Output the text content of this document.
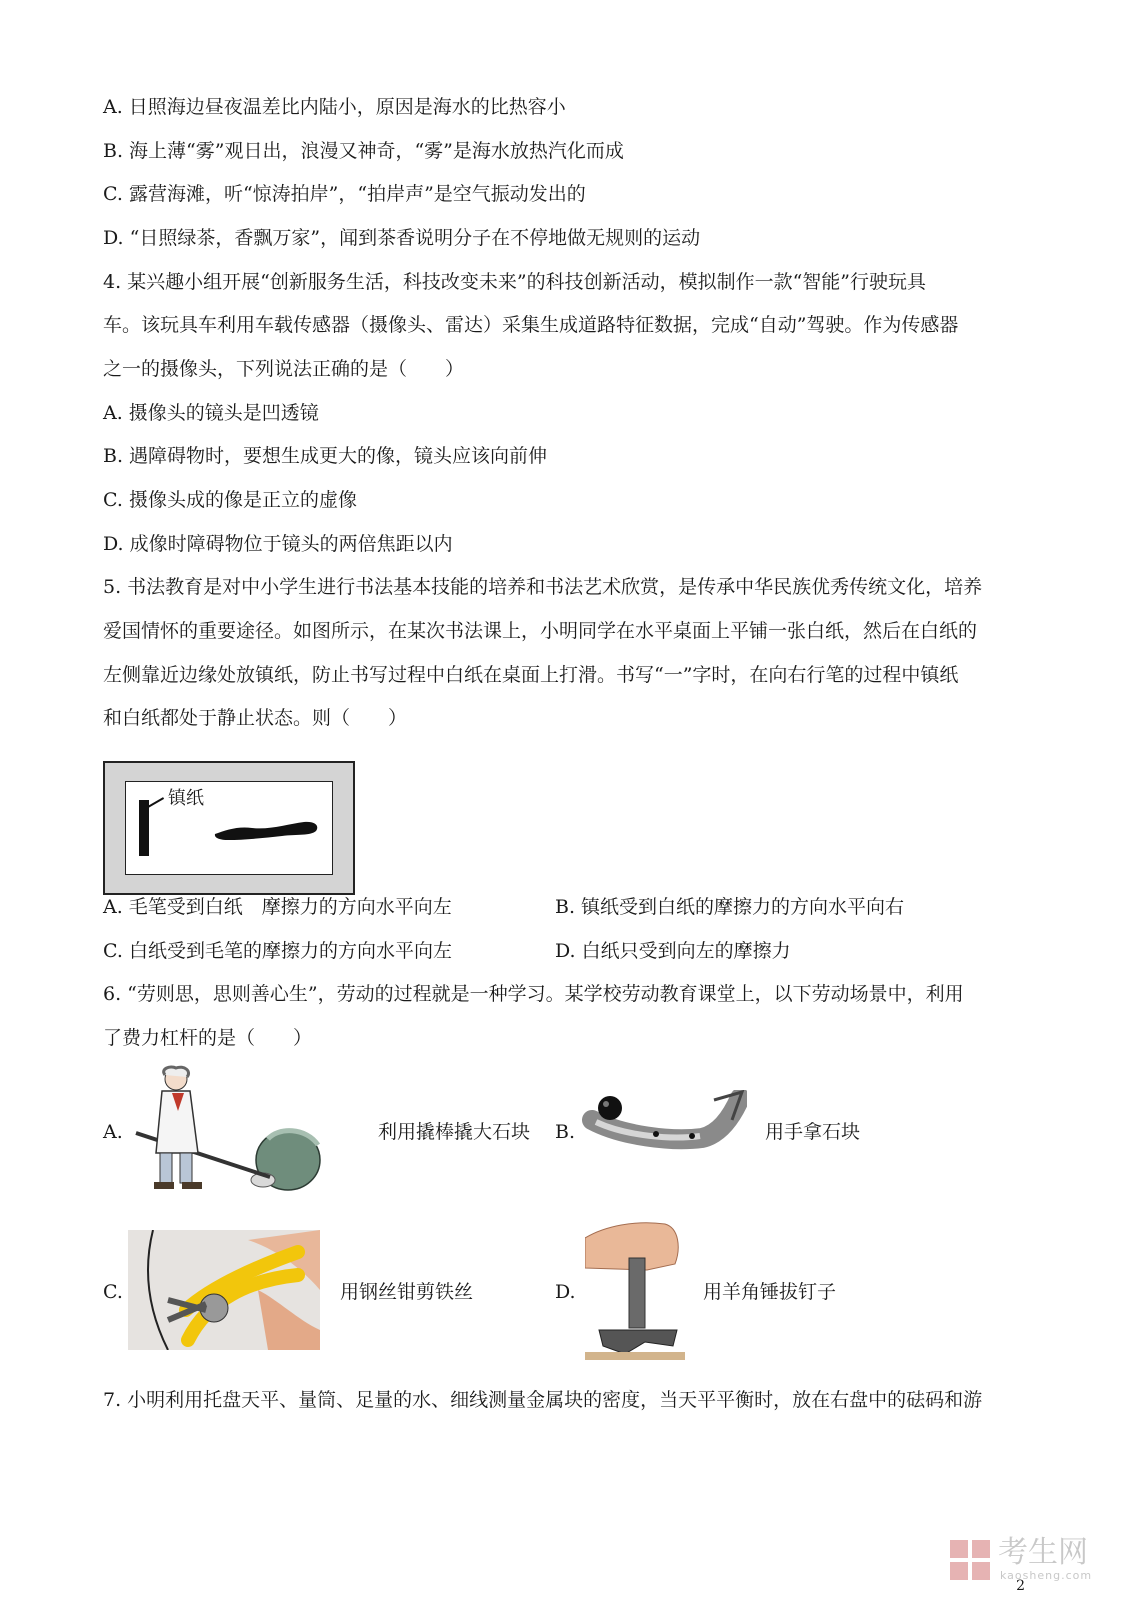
A. 日照海边昼夜温差比内陆小，原因是海水的比热容小
B. 海上薄“雾”观日出，浪漫又神奇，“雾”是海水放热汽化而成
C. 露营海滩，听“惊涛拍岸”，“拍岸声”是空气振动发出的
D. “日照绿茶，香飘万家”，闻到茶香说明分子在不停地做无规则的运动
4. 某兴趣小组开展“创新服务生活，科技改变未来”的科技创新活动，模拟制作一款“智能”行驶玩具
车。该玩具车利用车载传感器（摄像头、雷达）采集生成道路特征数据，完成“自动”驾驶。作为传感器
之一的摄像头，下列说法正确的是（　　）
A. 摄像头的镜头是凹透镜
B. 遇障碍物时，要想生成更大的像，镜头应该向前伸
C. 摄像头成的像是正立的虚像
D. 成像时障碍物位于镜头的两倍焦距以内
5. 书法教育是对中小学生进行书法基本技能的培养和书法艺术欣赏，是传承中华民族优秀传统文化，培养
爱国情怀的重要途径。如图所示，在某次书法课上，小明同学在水平桌面上平铺一张白纸，然后在白纸的
左侧靠近边缘处放镇纸，防止书写过程中白纸在桌面上打滑。书写“一”字时，在向右行笔的过程中镇纸
和白纸都处于静止状态。则（　　）
镇纸
A. 毛笔受到白纸　摩擦力的方向水平向左	B. 镇纸受到白纸的摩擦力的方向水平向右
C. 白纸受到毛笔的摩擦力的方向水平向左	D. 白纸只受到向左的摩擦力
6. “劳则思，思则善心生”，劳动的过程就是一种学习。某学校劳动教育课堂上，以下劳动场景中，利用
了费力杠杆的是（　　）
A.	利用撬棒撬大石块 B.	用手拿石块
C.	用钢丝钳剪铁丝	D.	用羊角锤拔钉子
7. 小明利用托盘天平、量筒、足量的水、细线测量金属块的密度，当天平平衡时，放在右盘中的砝码和游
考生网
kaosheng.com
2
